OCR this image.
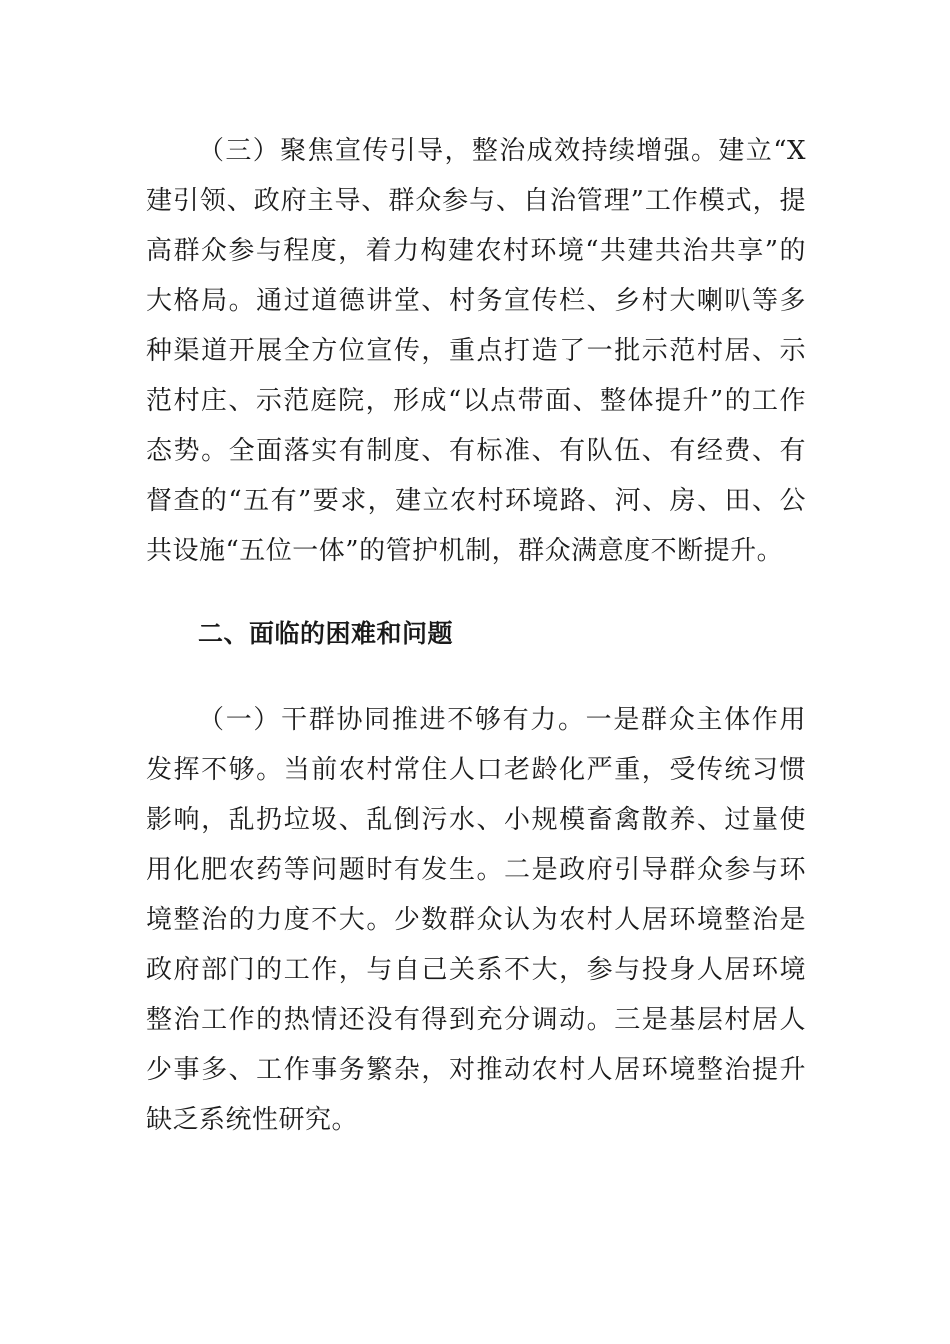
（三）聚焦宣传引导，整治成效持续增强。建立“X建引领、政府主导、群众参与、自治管理”工作模式，提高群众参与程度，着力构建农村环境“共建共治共享”的大格局。通过道德讲堂、村务宣传栏、乡村大喇叭等多种渠道开展全方位宣传，重点打造了一批示范村居、示范村庄、示范庭院，形成“以点带面、整体提升”的工作态势。全面落实有制度、有标准、有队伍、有经费、有督查的“五有”要求，建立农村环境路、河、房、田、公共设施“五位一体”的管护机制，群众满意度不断提升。

二、面临的困难和问题

（一）干群协同推进不够有力。一是群众主体作用发挥不够。当前农村常住人口老龄化严重，受传统习惯影响，乱扔垃圾、乱倒污水、小规模畜禽散养、过量使用化肥农药等问题时有发生。二是政府引导群众参与环境整治的力度不大。少数群众认为农村人居环境整治是政府部门的工作，与自己关系不大，参与投身人居环境整治工作的热情还没有得到充分调动。三是基层村居人少事多、工作事务繁杂，对推动农村人居环境整治提升缺乏系统性研究。
